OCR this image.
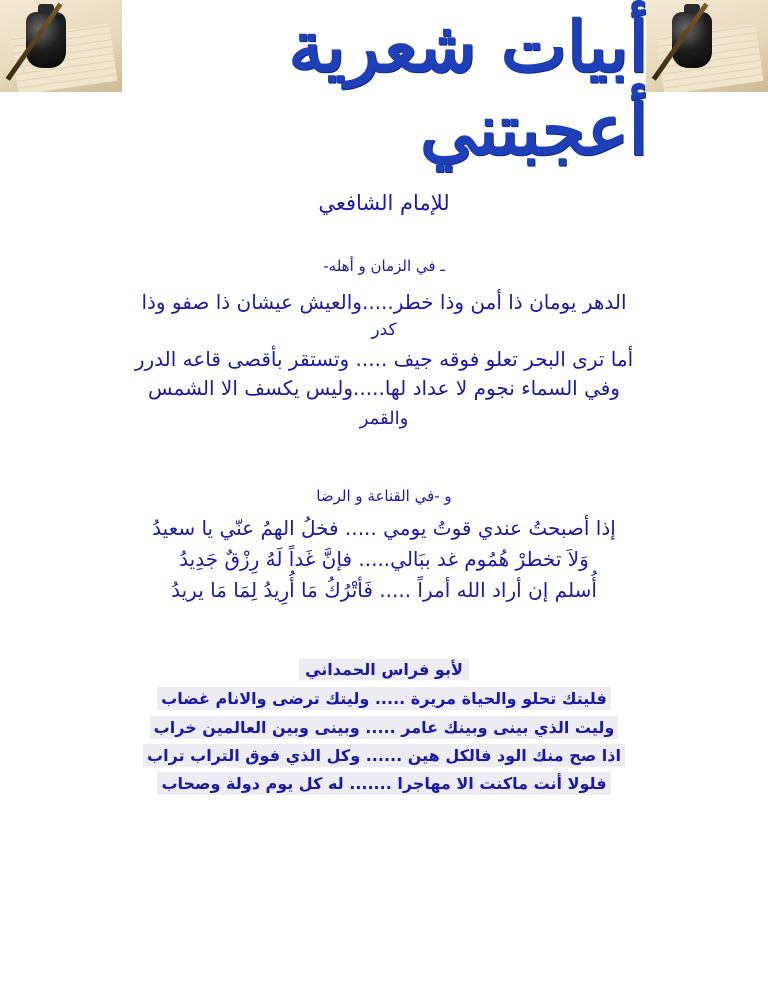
أبيات شعرية أعجبتني
للإمام الشافعي
ـ في الزمان و أهله-
الدهر يومان ذا أمن وذا خطر.....والعيش عيشان ذا صفو وذا
كدر
أما ترى البحر تعلو فوقه جيف ..... وتستقر بأقصى قاعه الدرر
وفي السماء نجوم لا عداد لها.....وليس يكسف الا الشمس
والقمر
و -في القناعة و الرضا
إذا أصبحتُ عندي قوتُ يومي ..... فخلُ الهمُ عنّي يا سعيدُ
وَلاَ تخطرْ هُمُوم غد ببَالي..... فإنَّ غَداً لَهُ رِزْقٌ جَدِيدُ
أُسلم إن أراد الله أمراً ..... فَأتْرُكُ مَا أُرِيدُ لِمَا مَا يريدُ
لأبو فراس الحمداني
فليتك تحلو والحياة مريرة ..... وليتك ترضى والانام غضاب
وليت الذي بينى وبينك عامر ..... وبينى وبين العالمين خراب
اذا صح منك الود فالكل هين ...... وكل الذي فوق التراب تراب
فلولا أنت ماكنت الا مهاجرا ....... له كل يوم دولة وصحاب
